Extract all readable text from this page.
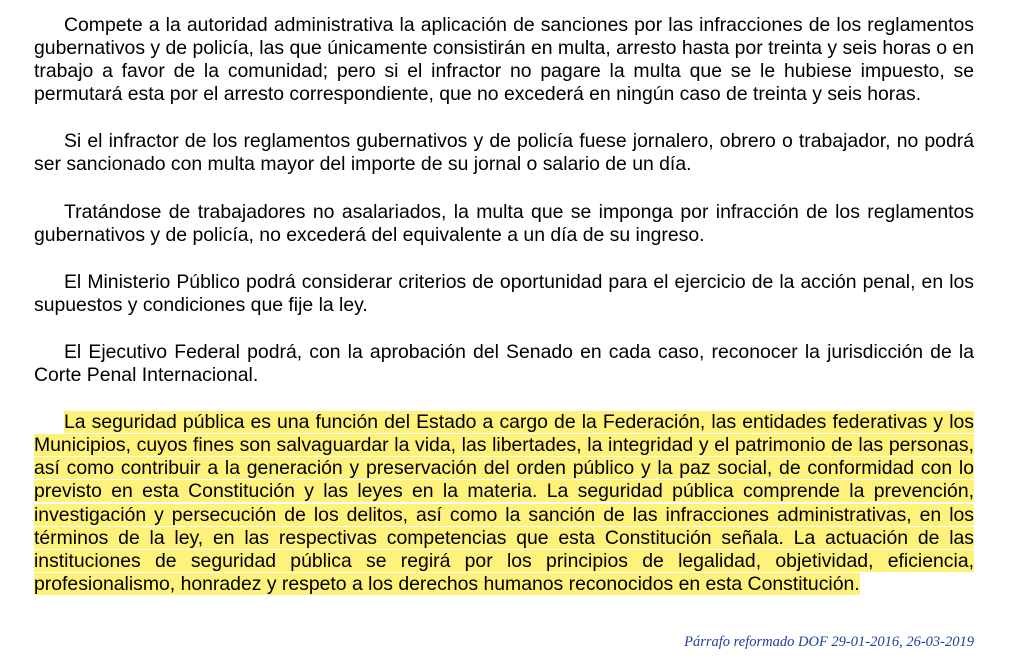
Compete a la autoridad administrativa la aplicación de sanciones por las infracciones de los reglamentos gubernativos y de policía, las que únicamente consistirán en multa, arresto hasta por treinta y seis horas o en trabajo a favor de la comunidad; pero si el infractor no pagare la multa que se le hubiese impuesto, se permutará esta por el arresto correspondiente, que no excederá en ningún caso de treinta y seis horas.

Si el infractor de los reglamentos gubernativos y de policía fuese jornalero, obrero o trabajador, no podrá ser sancionado con multa mayor del importe de su jornal o salario de un día.

Tratándose de trabajadores no asalariados, la multa que se imponga por infracción de los reglamentos gubernativos y de policía, no excederá del equivalente a un día de su ingreso.

El Ministerio Público podrá considerar criterios de oportunidad para el ejercicio de la acción penal, en los supuestos y condiciones que fije la ley.

El Ejecutivo Federal podrá, con la aprobación del Senado en cada caso, reconocer la jurisdicción de la Corte Penal Internacional.

La seguridad pública es una función del Estado a cargo de la Federación, las entidades federativas y los Municipios, cuyos fines son salvaguardar la vida, las libertades, la integridad y el patrimonio de las personas, así como contribuir a la generación y preservación del orden público y la paz social, de conformidad con lo previsto en esta Constitución y las leyes en la materia. La seguridad pública comprende la prevención, investigación y persecución de los delitos, así como la sanción de las infracciones administrativas, en los términos de la ley, en las respectivas competencias que esta Constitución señala. La actuación de las instituciones de seguridad pública se regirá por los principios de legalidad, objetividad, eficiencia, profesionalismo, honradez y respeto a los derechos humanos reconocidos en esta Constitución.

Párrafo reformado DOF 29-01-2016, 26-03-2019
